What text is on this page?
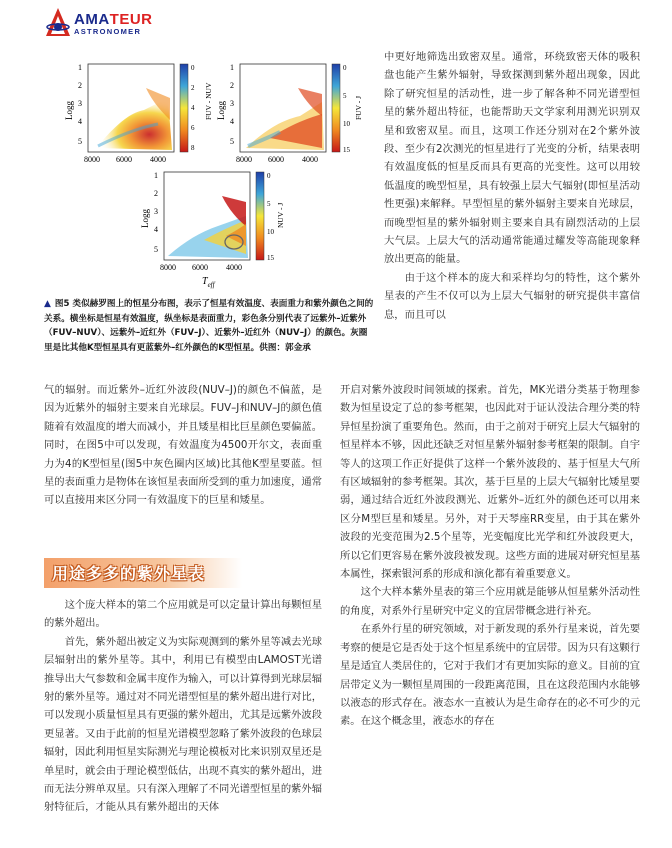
AMATEUR
ASTRONOMER
1
2
3
4
5
Logg
8000 6000 4000
0
2
4
6
8
FUV - NUV
1
2
3
4
5
Logg
8000 6000 4000
0
5
10
15
FUV - J
1
2
3
4
5
Logg
8000 6000 4000
$T_{eff}$
0
5
10
15
NUV - J
▲ 图5 类似赫罗图上的恒星分布图，表示了恒星有效温度、表面重力和紫外颜色之间的关系。横坐标是恒星有效温度，纵坐标是表面重力，彩色条分别代表了远紫外–近紫外（FUV–NUV）、远紫外–近红外（FUV–J）、近紫外–近红外（NUV–J）的颜色。灰圈里是比其他K型恒星具有更蓝紫外–红外颜色的K型恒星。供图：郭金承

中更好地筛选出致密双星。通常，环绕致密天体的吸积盘也能产生紫外辐射，导致探测到紫外超出现象，因此除了研究恒星的活动性，进一步了解各种不同光谱型恒星的紫外超出特征，也能帮助天文学家利用测光识别双星和致密双星。而且，这项工作还分别对在2个紫外波段、至少有2次测光的恒星进行了光变的分析，结果表明有效温度低的恒星反而具有更高的光变性。这可以用较低温度的晚型恒星，具有较强上层大气辐射(即恒星活动性更强)来解释。早型恒星的紫外辐射主要来自光球层，而晚型恒星的紫外辐射则主要来自具有剧烈活动的上层大气层。上层大气的活动通常能通过耀发等高能现象释放出更高的能量。

由于这个样本的庞大和采样均匀的特性，这个紫外星表的产生不仅可以为上层大气辐射的研究提供丰富信息，而且可以

气的辐射。而近紫外–近红外波段(NUV–J)的颜色不偏蓝，是因为近紫外的辐射主要来自光球层。FUV–J和NUV–J的颜色值随着有效温度的增大而减小，并且矮星相比巨星颜色要偏蓝。同时，在图5中可以发现，有效温度为4500开尔文，表面重力为4的K型恒星(图5中灰色圈内区域)比其他K型星要蓝。恒星的表面重力是物体在该恒星表面所受到的重力加速度，通常可以直接用来区分同一有效温度下的巨星和矮星。

用途多多的紫外星表

这个庞大样本的第二个应用就是可以定量计算出每颗恒星的紫外超出。

首先，紫外超出被定义为实际观测到的紫外星等减去光球层辐射出的紫外星等。其中，利用已有模型由LAMOST光谱推导出大气参数和金属丰度作为输入，可以计算得到光球层辐射的紫外星等。通过对不同光谱型恒星的紫外超出进行对比，可以发现小质量恒星具有更强的紫外超出，尤其是远紫外波段更显著。又由于此前的恒星光谱模型忽略了紫外波段的色球层辐射，因此利用恒星实际测光与理论模板对比来识别双星还是单星时，就会由于理论模型低估，出现不真实的紫外超出，进而无法分辨单双星。只有深入理解了不同光谱型恒星的紫外辐射特征后，才能从具有紫外超出的天体

开启对紫外波段时间领域的探索。首先，MK光谱分类基于物理参数为恒星设定了总的参考框架，也因此对于证认没法合理分类的特异恒星扮演了重要角色。然而，由于之前对于研究上层大气辐射的恒星样本不够，因此还缺乏对恒星紫外辐射参考框架的限制。自宇等人的这项工作正好提供了这样一个紫外波段的、基于恒星大气所有区域辐射的参考框架。其次，基于巨星的上层大气辐射比矮星要弱，通过结合近红外波段测光、近紫外–近红外的颜色还可以用来区分M型巨星和矮星。另外，对于天琴座RR变星，由于其在紫外波段的光变范围为2.5个星等，光变幅度比光学和红外波段更大，所以它们更容易在紫外波段被发现。这些方面的进展对研究恒星基本属性，探索银河系的形成和演化都有着重要意义。

这个大样本紫外星表的第三个应用就是能够从恒星紫外活动性的角度，对系外行星研究中定义的宜居带概念进行补充。

在系外行星的研究领域，对于新发现的系外行星来说，首先要考察的便是它是否处于这个恒星系统中的宜居带。因为只有这颗行星是适宜人类居住的，它对于我们才有更加实际的意义。目前的宜居带定义为一颗恒星周围的一段距离范围，且在这段范围内水能够以液态的形式存在。液态水一直被认为是生命存在的必不可少的元素。在这个概念里，液态水的存在
